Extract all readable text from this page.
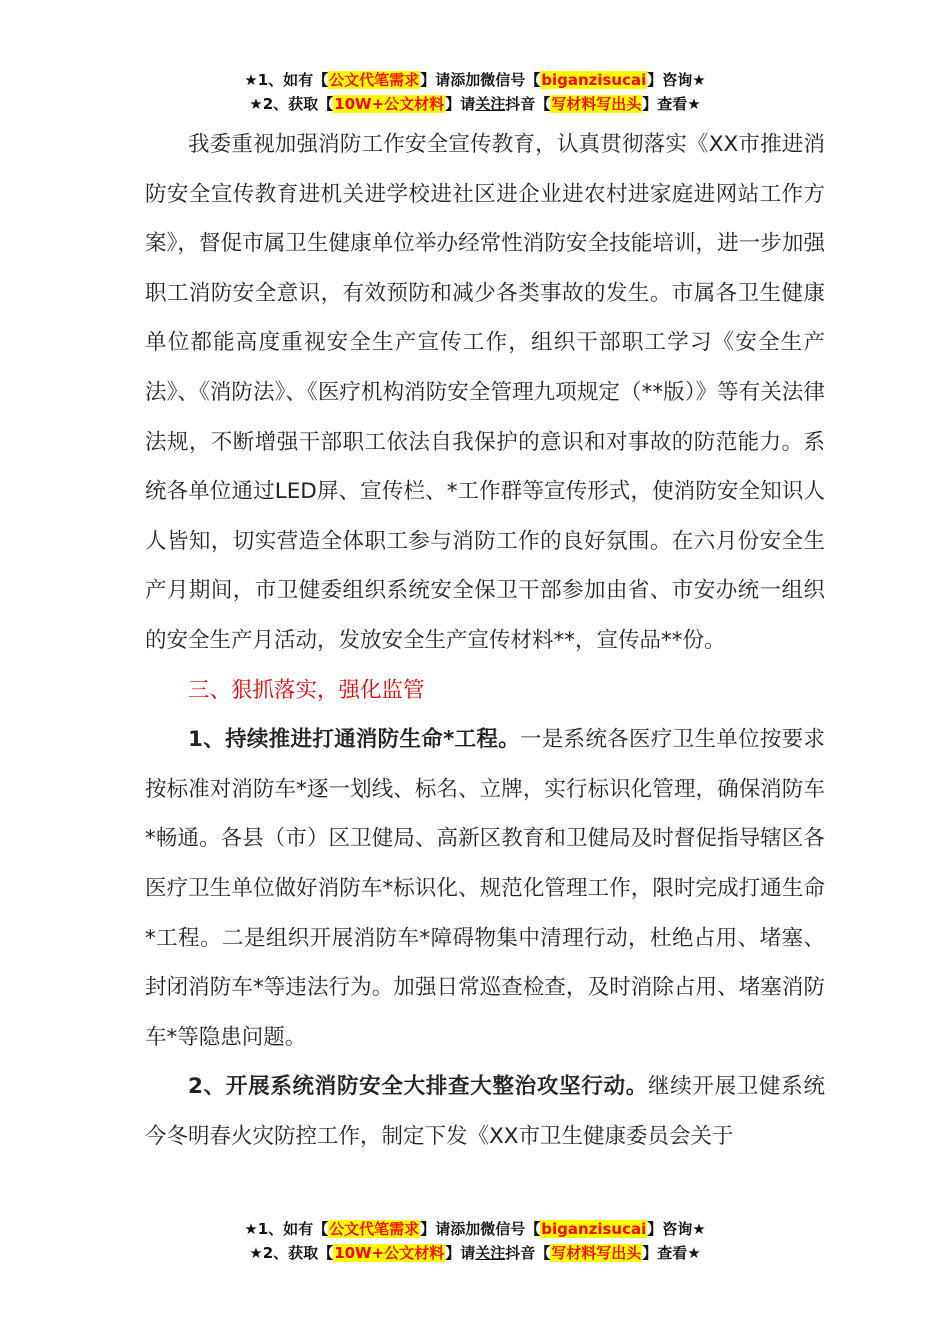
★1、如有【公文代笔需求】请添加微信号【biganzisucai】咨询★
★2、获取【10W+公文材料】请关注抖音【写材料写出头】查看★

我委重视加强消防工作安全宣传教育，认真贯彻落实《XX市推进消防安全宣传教育进机关进学校进社区进企业进农村进家庭进网站工作方案》，督促市属卫生健康单位举办经常性消防安全技能培训，进一步加强职工消防安全意识，有效预防和减少各类事故的发生。市属各卫生健康单位都能高度重视安全生产宣传工作，组织干部职工学习《安全生产法》、《消防法》、《医疗机构消防安全管理九项规定（**版）》等有关法律法规，不断增强干部职工依法自我保护的意识和对事故的防范能力。系统各单位通过LED屏、宣传栏、*工作群等宣传形式，使消防安全知识人人皆知，切实营造全体职工参与消防工作的良好氛围。在六月份安全生产月期间，市卫健委组织系统安全保卫干部参加由省、市安办统一组织的安全生产月活动，发放安全生产宣传材料**，宣传品**份。

三、狠抓落实，强化监管

1、持续推进打通消防生命*工程。一是系统各医疗卫生单位按要求按标准对消防车*逐一划线、标名、立牌，实行标识化管理，确保消防车*畅通。各县（市）区卫健局、高新区教育和卫健局及时督促指导辖区各医疗卫生单位做好消防车*标识化、规范化管理工作，限时完成打通生命*工程。二是组织开展消防车*障碍物集中清理行动，杜绝占用、堵塞、封闭消防车*等违法行为。加强日常巡查检查，及时消除占用、堵塞消防车*等隐患问题。

2、开展系统消防安全大排查大整治攻坚行动。继续开展卫健系统今冬明春火灾防控工作，制定下发《XX市卫生健康委员会关于

★1、如有【公文代笔需求】请添加微信号【biganzisucai】咨询★
★2、获取【10W+公文材料】请关注抖音【写材料写出头】查看★
